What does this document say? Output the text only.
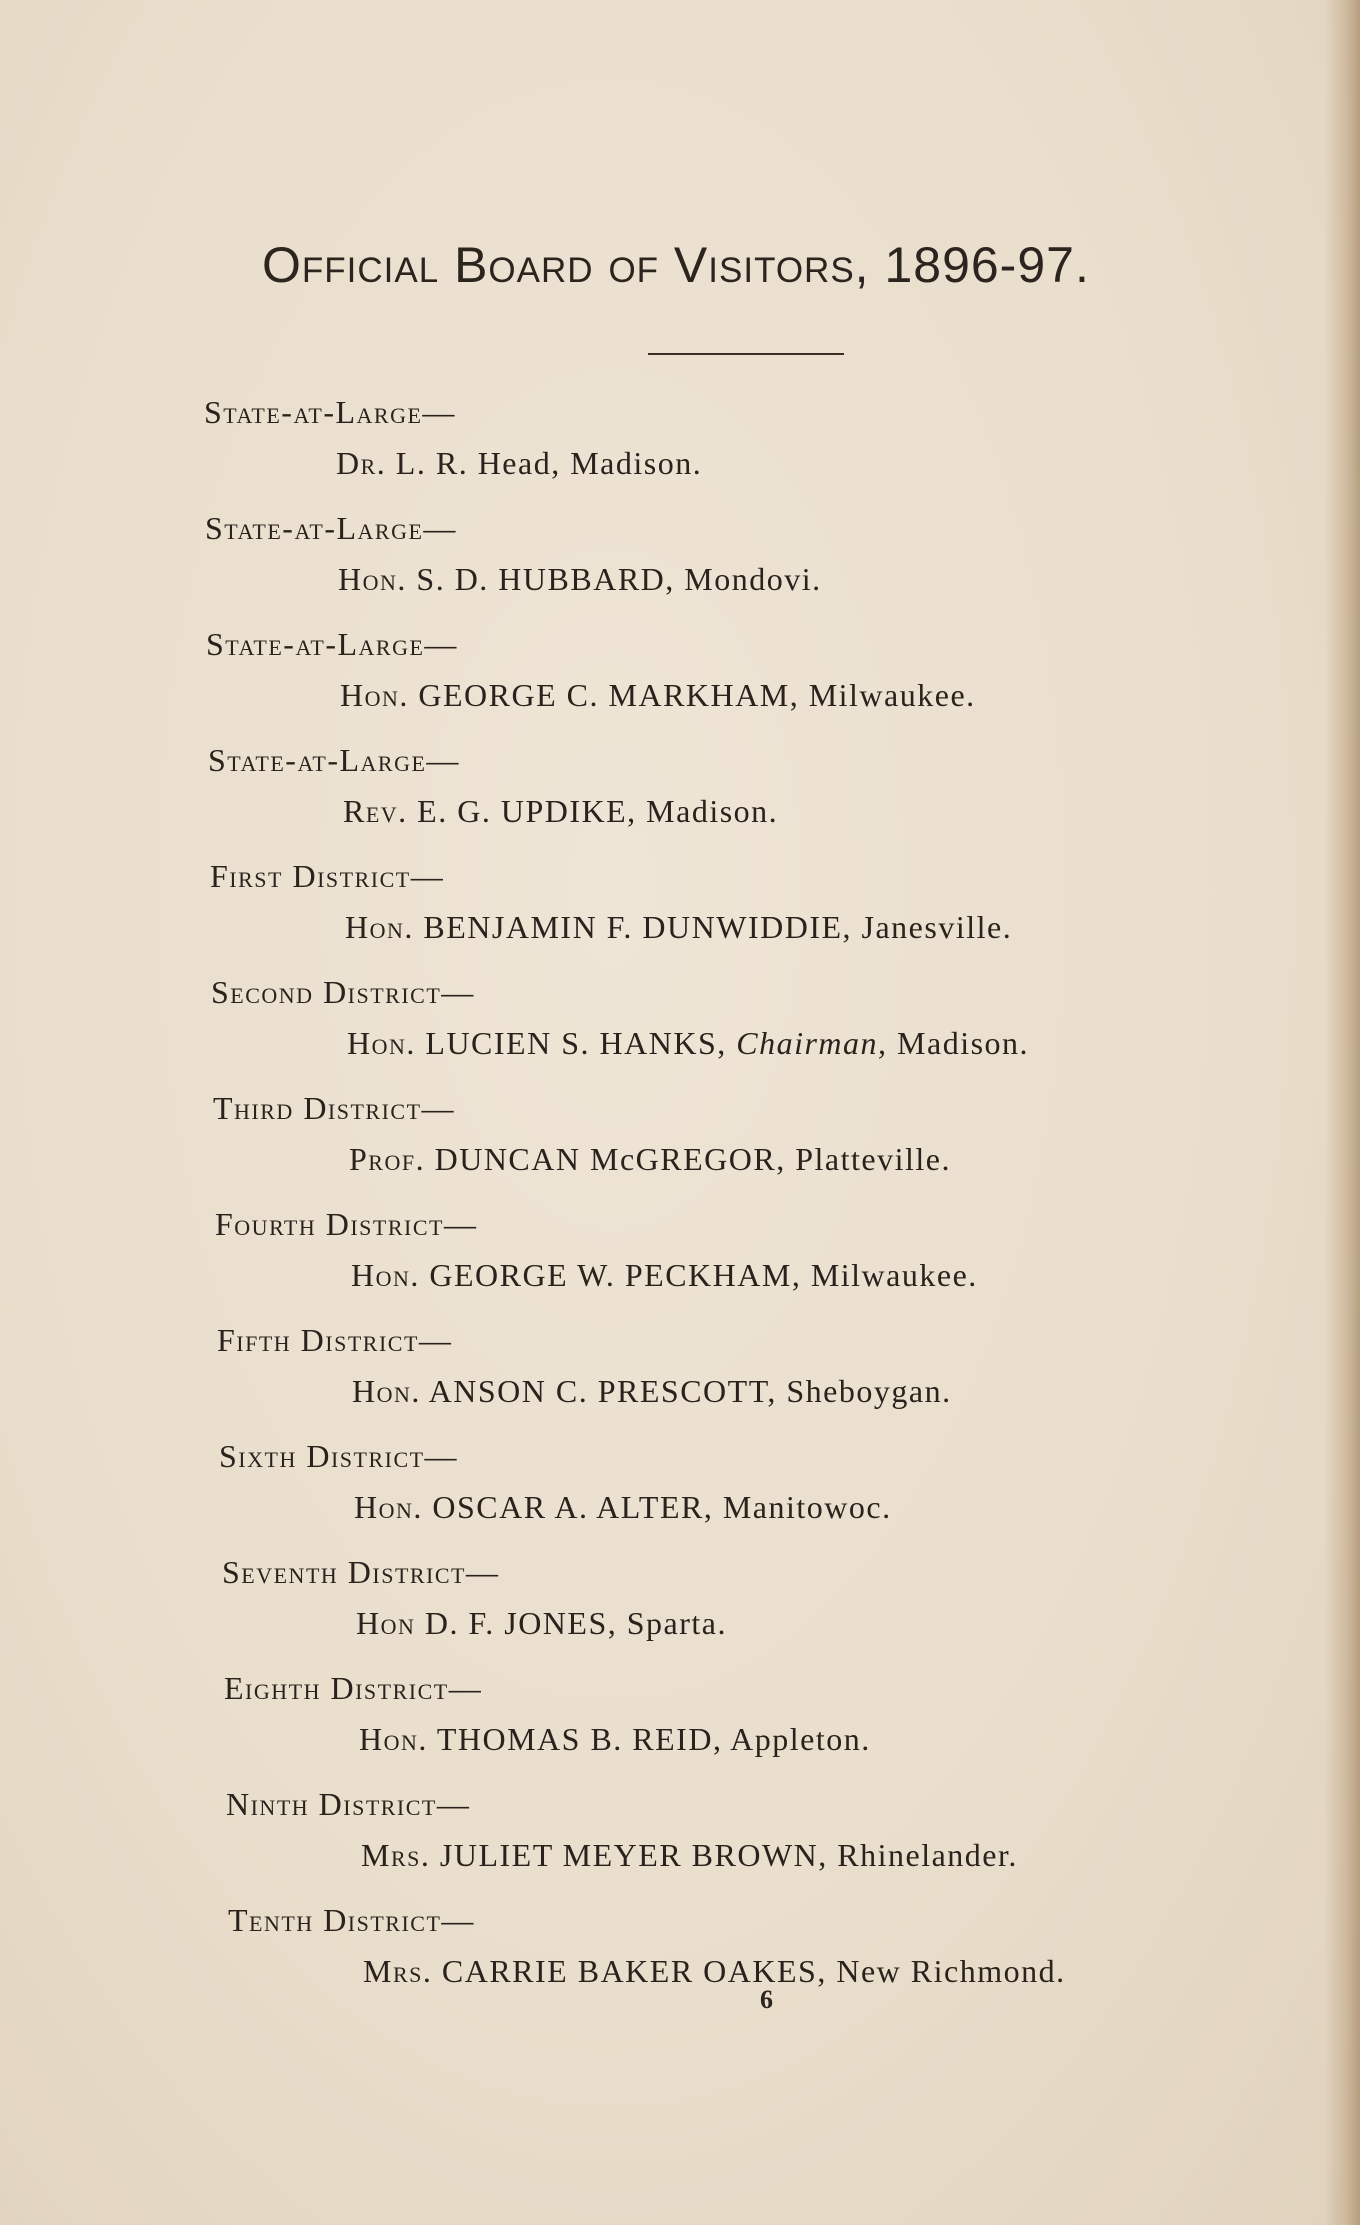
Official Board of Visitors, 1896-97.
State-at-Large—
Dr. L. R. Head, Madison.
State-at-Large—
Hon. S. D. HUBBARD, Mondovi.
State-at-Large—
Hon. GEORGE C. MARKHAM, Milwaukee.
State-at-Large—
Rev. E. G. UPDIKE, Madison.
First District—
Hon. BENJAMIN F. DUNWIDDIE, Janesville.
Second District—
Hon. LUCIEN S. HANKS, Chairman, Madison.
Third District—
Prof. DUNCAN McGREGOR, Platteville.
Fourth District—
Hon. GEORGE W. PECKHAM, Milwaukee.
Fifth District—
Hon. ANSON C. PRESCOTT, Sheboygan.
Sixth District—
Hon. OSCAR A. ALTER, Manitowoc.
Seventh District—
Hon D. F. JONES, Sparta.
Eighth District—
Hon. THOMAS B. REID, Appleton.
Ninth District—
Mrs. JULIET MEYER BROWN, Rhinelander.
Tenth District—
Mrs. CARRIE BAKER OAKES, New Richmond.
6
